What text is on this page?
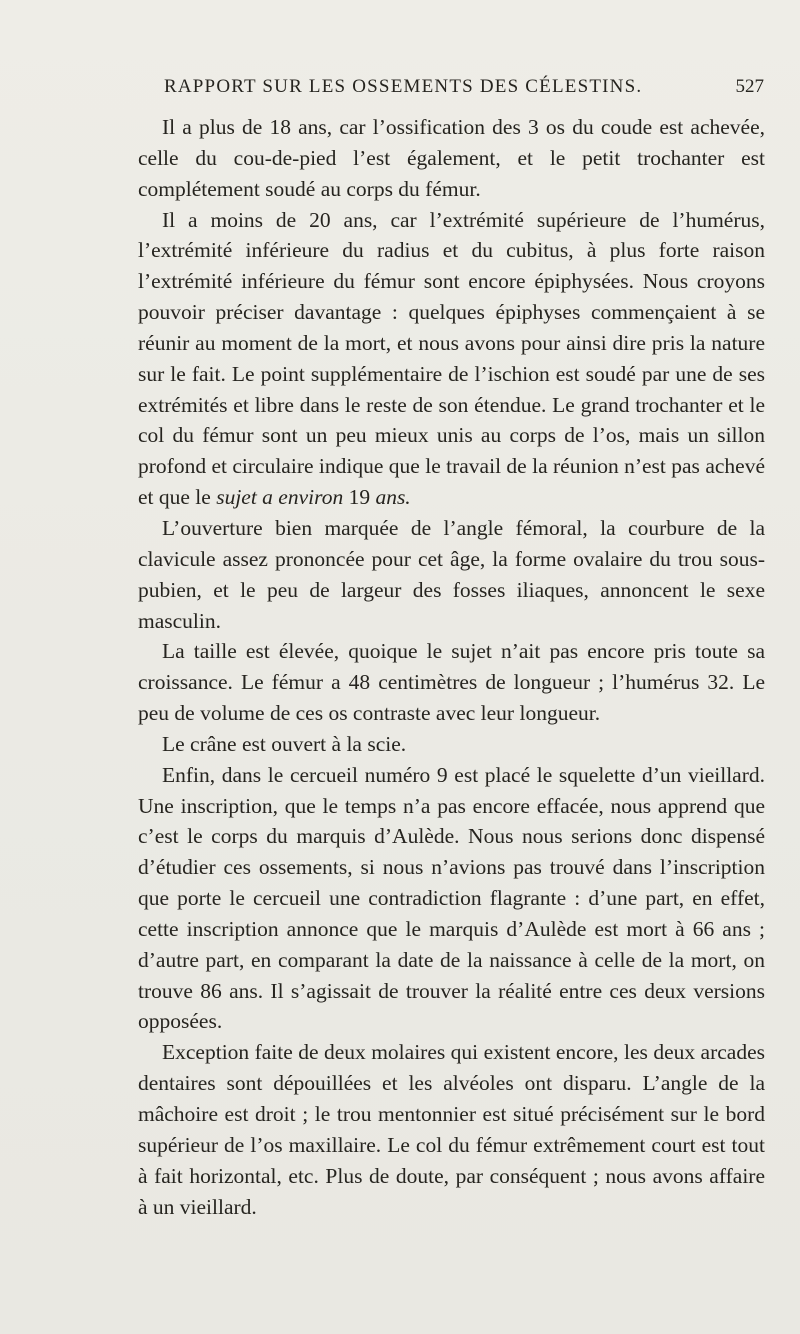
RAPPORT SUR LES OSSEMENTS DES CÉLESTINS.	527

Il a plus de 18 ans, car l’ossification des 3 os du coude est achevée, celle du cou-de-pied l’est également, et le petit trochanter est complétement soudé au corps du fémur.

Il a moins de 20 ans, car l’extrémité supérieure de l’humérus, l’extrémité inférieure du radius et du cubitus, à plus forte raison l’extrémité inférieure du fémur sont encore épiphysées. Nous croyons pouvoir préciser davantage : quelques épiphyses commençaient à se réunir au moment de la mort, et nous avons pour ainsi dire pris la nature sur le fait. Le point supplémentaire de l’ischion est soudé par une de ses extrémités et libre dans le reste de son étendue. Le grand trochanter et le col du fémur sont un peu mieux unis au corps de l’os, mais un sillon profond et circulaire indique que le travail de la réunion n’est pas achevé et que le sujet a environ 19 ans.

L’ouverture bien marquée de l’angle fémoral, la courbure de la clavicule assez prononcée pour cet âge, la forme ovalaire du trou sous-pubien, et le peu de largeur des fosses iliaques, annoncent le sexe masculin.

La taille est élevée, quoique le sujet n’ait pas encore pris toute sa croissance. Le fémur a 48 centimètres de longueur ; l’humérus 32. Le peu de volume de ces os contraste avec leur longueur.

Le crâne est ouvert à la scie.

Enfin, dans le cercueil numéro 9 est placé le squelette d’un vieillard. Une inscription, que le temps n’a pas encore effacée, nous apprend que c’est le corps du marquis d’Aulède. Nous nous serions donc dispensé d’étudier ces ossements, si nous n’avions pas trouvé dans l’inscription que porte le cercueil une contradiction flagrante : d’une part, en effet, cette inscription annonce que le marquis d’Aulède est mort à 66 ans ; d’autre part, en comparant la date de la naissance à celle de la mort, on trouve 86 ans. Il s’agissait de trouver la réalité entre ces deux versions opposées.

Exception faite de deux molaires qui existent encore, les deux arcades dentaires sont dépouillées et les alvéoles ont disparu. L’angle de la mâchoire est droit ; le trou mentonnier est situé précisément sur le bord supérieur de l’os maxillaire. Le col du fémur extrêmement court est tout à fait horizontal, etc. Plus de doute, par conséquent ; nous avons affaire à un vieillard.
